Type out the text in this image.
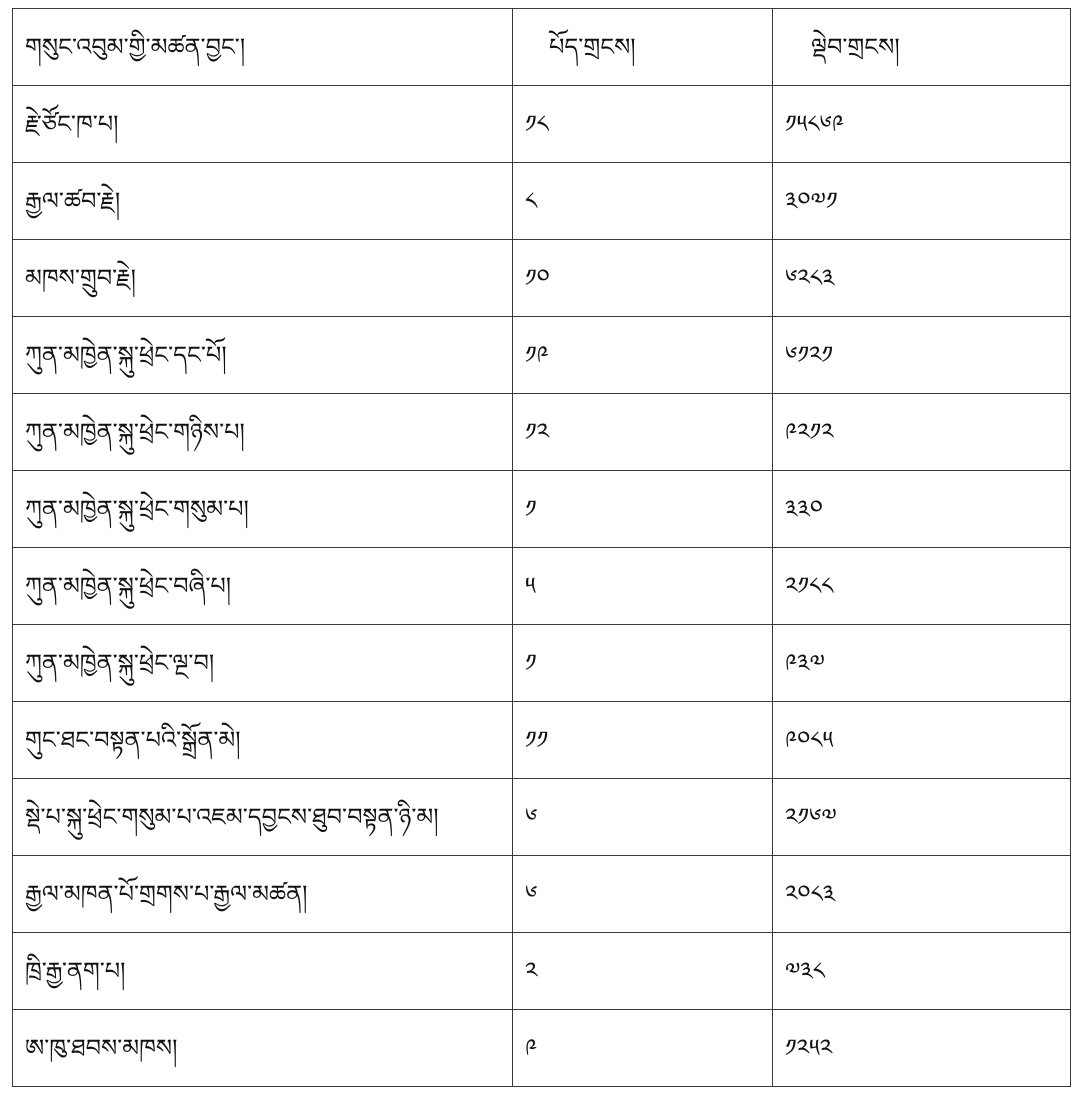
གསུང་འབུམ་གྱི་མཚན་བྱང་།	པོད་གྲངས།	ལྡེབ་གྲངས།
རྗེ་ཙོང་ཁ་པ།	༡༨	༡༥༨༦༩
རྒྱལ་ཚབ་རྗེ།	༨	༣༠༧༡
མཁས་གྲུབ་རྗེ།	༡༠	༦༢༨༣
ཀུན་མཁྱེན་སྐུ་ཕྲེང་དང་པོ།	༡༩	༦༡༢༡
ཀུན་མཁྱེན་སྐུ་ཕྲེང་གཉིས་པ།	༡༢	༩༢༡༢
ཀུན་མཁྱེན་སྐུ་ཕྲེང་གསུམ་པ།	༡	༣༣༠
ཀུན་མཁྱེན་སྐུ་ཕྲེང་བཞི་པ།	༥	༢༡༨༨
ཀུན་མཁྱེན་སྐུ་ཕྲེང་ལྔ་བ།	༡	༩༣༧
གུང་ཐང་བསྟན་པའི་སྒྲོན་མེ།	༡༡	༩༠༨༥
སྡེ་པ་སྐུ་ཕྲེང་གསུམ་པ་འཇམ་དབྱངས་ཐུབ་བསྟན་ཉི་མ།	༦	༢༡༦༧
རྒྱལ་མཁན་པོ་གྲགས་པ་རྒྱལ་མཚན།	༦	༢༠༨༣
ཁྲི་རྒྱ་ནག་པ།	༢	༧༣༨
ཨ་ཁུ་ཐབས་མཁས།	༩	༡༢༥༢
